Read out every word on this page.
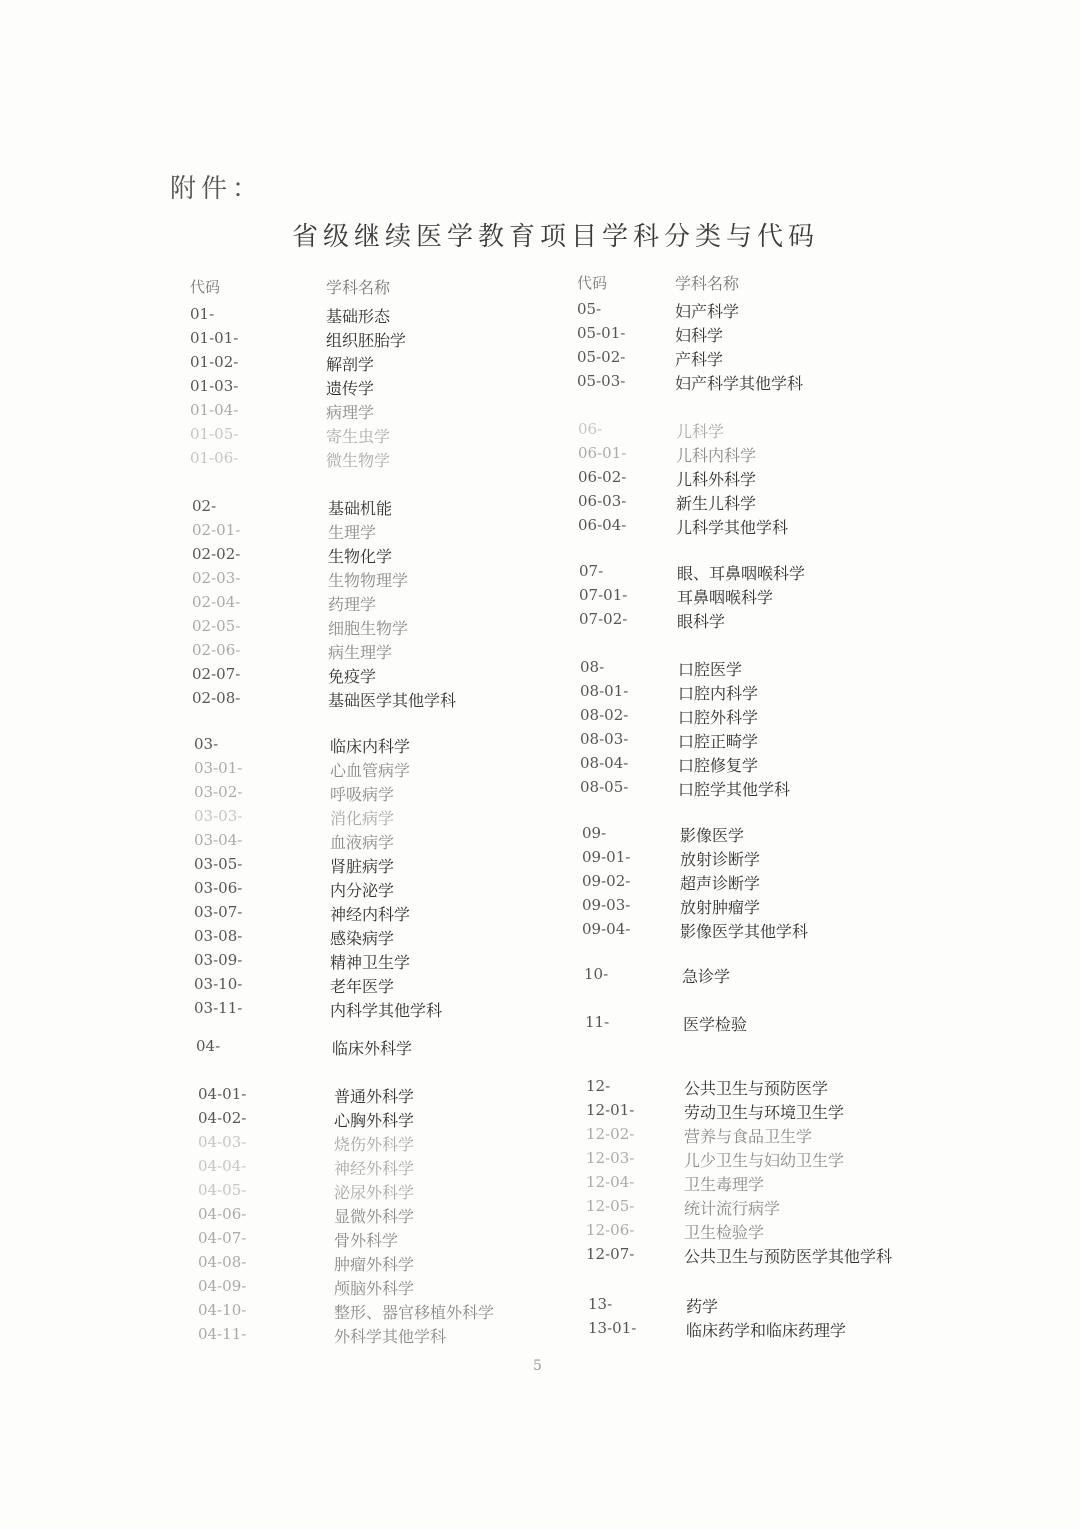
附件：
省级继续医学教育项目学科分类与代码
代码	学科名称	代码	学科名称
01-	基础形态
01-01-	组织胚胎学
01-02-	解剖学
01-03-	遗传学
01-04-	病理学
01-05-	寄生虫学
01-06-	微生物学
02-	基础机能
02-01-	生理学
02-02-	生物化学
02-03-	生物物理学
02-04-	药理学
02-05-	细胞生物学
02-06-	病生理学
02-07-	免疫学
02-08-	基础医学其他学科
03-	临床内科学
03-01-	心血管病学
03-02-	呼吸病学
03-03-	消化病学
03-04-	血液病学
03-05-	肾脏病学
03-06-	内分泌学
03-07-	神经内科学
03-08-	感染病学
03-09-	精神卫生学
03-10-	老年医学
03-11-	内科学其他学科
04-	临床外科学
04-01-	普通外科学
04-02-	心胸外科学
04-03-	烧伤外科学
04-04-	神经外科学
04-05-	泌尿外科学
04-06-	显微外科学
04-07-	骨外科学
04-08-	肿瘤外科学
04-09-	颅脑外科学
04-10-	整形、器官移植外科学
04-11-	外科学其他学科
05-	妇产科学
05-01-	妇科学
05-02-	产科学
05-03-	妇产科学其他学科
06-	儿科学
06-01-	儿科内科学
06-02-	儿科外科学
06-03-	新生儿科学
06-04-	儿科学其他学科
07-	眼、耳鼻咽喉科学
07-01-	耳鼻咽喉科学
07-02-	眼科学
08-	口腔医学
08-01-	口腔内科学
08-02-	口腔外科学
08-03-	口腔正畸学
08-04-	口腔修复学
08-05-	口腔学其他学科
09-	影像医学
09-01-	放射诊断学
09-02-	超声诊断学
09-03-	放射肿瘤学
09-04-	影像医学其他学科
10-	急诊学
11-	医学检验
12-	公共卫生与预防医学
12-01-	劳动卫生与环境卫生学
12-02-	营养与食品卫生学
12-03-	儿少卫生与妇幼卫生学
12-04-	卫生毒理学
12-05-	统计流行病学
12-06-	卫生检验学
12-07-	公共卫生与预防医学其他学科
13-	药学
13-01-	临床药学和临床药理学
5
